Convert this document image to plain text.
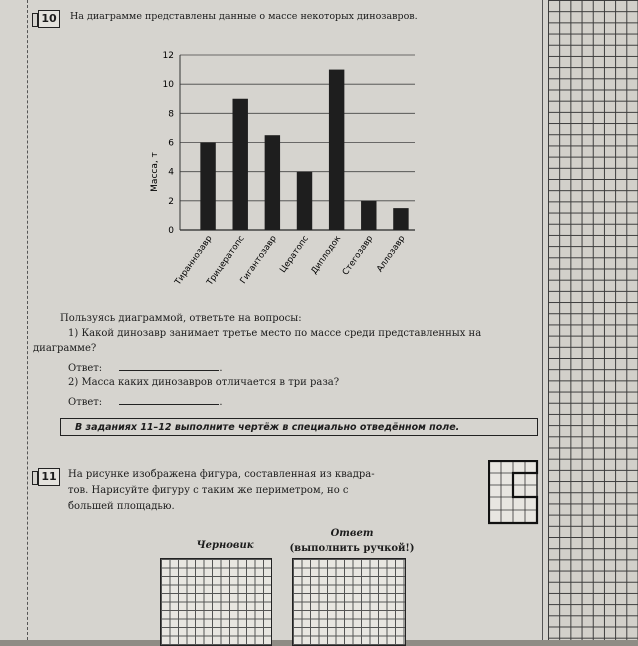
10	На диаграмме представлены данные о массе некоторых динозавров.
0
2
4
6
8
10
12
Тираннозавр
Трицератопс
Гигантозавр Цератопс
Диплодок
Стегозавр Аллозавр
Масса, т
Пользуясь диаграммой, ответьте на вопросы:
1) Какой динозавр занимает третье место по массе среди представленных на
диаграмме?
Ответ:	.
2) Масса каких динозавров отличается в три раза?
Ответ:	.
В заданиях 11–12 выполните чертёж в специально отведённом поле.
11	На рисунке изображена фигура, составленная из квадра-
тов. Нарисуйте фигуру с таким же периметром, но с
большей площадью.
Черновик
Ответ
(выполнить ручкой!)
